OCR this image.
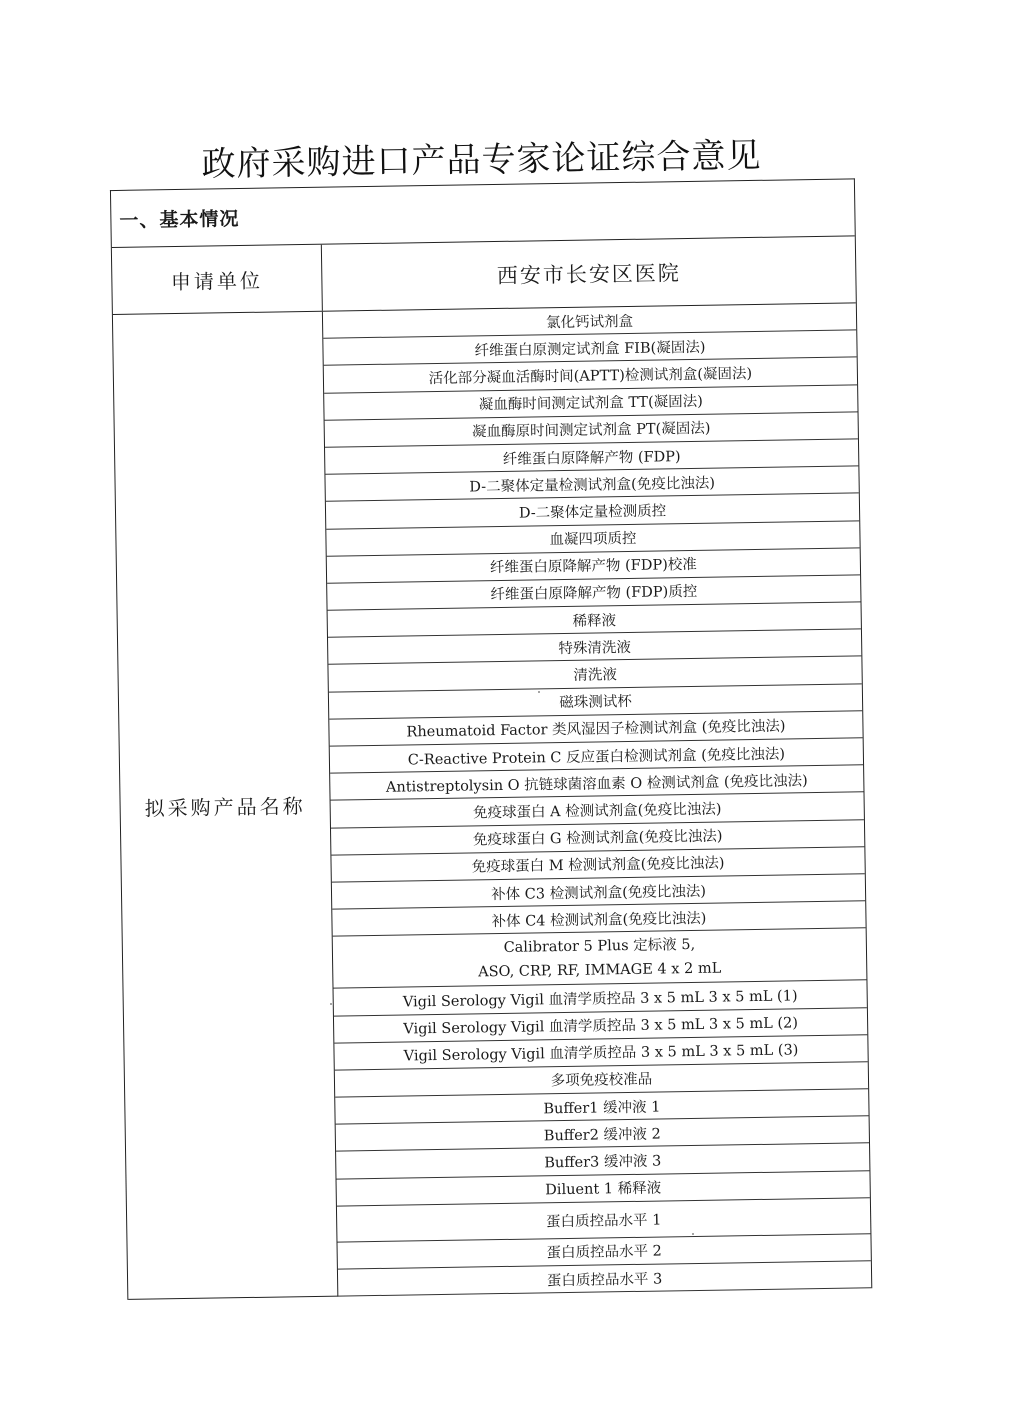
政府采购进口产品专家论证综合意见
一、基本情况
申请单位	西安市长安区医院
拟采购产品名称
氯化钙试剂盒
纤维蛋白原测定试剂盒 FIB(凝固法)
活化部分凝血活酶时间(APTT)检测试剂盒(凝固法)
凝血酶时间测定试剂盒 TT(凝固法)
凝血酶原时间测定试剂盒 PT(凝固法)
纤维蛋白原降解产物 (FDP)
D-二聚体定量检测试剂盒(免疫比浊法)
D-二聚体定量检测质控
血凝四项质控
纤维蛋白原降解产物 (FDP)校准
纤维蛋白原降解产物 (FDP)质控
稀释液
特殊清洗液
清洗液
磁珠测试杯
Rheumatoid Factor 类风湿因子检测试剂盒 (免疫比浊法)
C-Reactive Protein C 反应蛋白检测试剂盒 (免疫比浊法)
Antistreptolysin O 抗链球菌溶血素 O 检测试剂盒 (免疫比浊法)
免疫球蛋白 A 检测试剂盒(免疫比浊法)
免疫球蛋白 G 检测试剂盒(免疫比浊法)
免疫球蛋白 M 检测试剂盒(免疫比浊法)
补体 C3 检测试剂盒(免疫比浊法)
补体 C4 检测试剂盒(免疫比浊法)
Calibrator 5 Plus 定标液 5,
ASO, CRP, RF, IMMAGE 4 x 2 mL
Vigil Serology Vigil 血清学质控品 3 x 5 mL 3 x 5 mL (1)
Vigil Serology Vigil 血清学质控品 3 x 5 mL 3 x 5 mL (2)
Vigil Serology Vigil 血清学质控品 3 x 5 mL 3 x 5 mL (3)
多项免疫校准品
Buffer1 缓冲液 1
Buffer2 缓冲液 2
Buffer3 缓冲液 3
Diluent 1 稀释液
蛋白质控品水平 1
蛋白质控品水平 2
蛋白质控品水平 3
